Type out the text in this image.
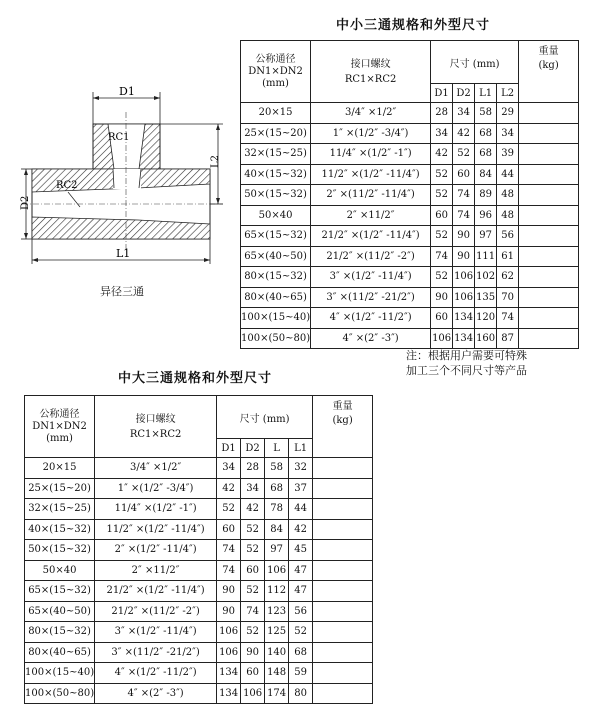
D1
RC1
RC2
D2
L2
L1
异径三通
中小三通规格和外型尺寸
公称通径
DN1×DN2
(mm)	接口螺纹
RC1×RC2	尺寸 (mm)				重量
(kg)
		D1	D2	L1	L2	
20×15	3/4″ ×1/2″	28	34	58	29	
25×(15~20)	1″ ×(1/2″ -3/4″)	34	42	68	34	
32×(15~25)	11/4″ ×(1/2″ -1″)	42	52	68	39	
40×(15~32)	11/2″ ×(1/2″ -11/4″)	52	60	84	44	
50×(15~32)	2″ ×(11/2″ -11/4″)	52	74	89	48	
50×40	2″ ×11/2″	60	74	96	48	
65×(15~32)	21/2″ ×(1/2″ -11/4″)	52	90	97	56	
65×(40~50)	21/2″ ×(11/2″ -2″)	74	90	111	61	
80×(15~32)	3″ ×(1/2″ -11/4″)	52	106	102	62	
80×(40~65)	3″ ×(11/2″ -21/2″)	90	106	135	70	
100×(15~40)	4″ ×(1/2″ -11/2″)	60	134	120	74	
100×(50~80)	4″ ×(2″ -3″)	106	134	160	87	
注：根据用户需要可特殊
加工三个不同尺寸等产品
中大三通规格和外型尺寸
公称通径
DN1×DN2
(mm)	接口螺纹
RC1×RC2	尺寸 (mm)				重量
(kg)
		D1	D2	L	L1	
20×15	3/4″ ×1/2″	34	28	58	32	
25×(15~20)	1″ ×(1/2″ -3/4″)	42	34	68	37	
32×(15~25)	11/4″ ×(1/2″ -1″)	52	42	78	44	
40×(15~32)	11/2″ ×(1/2″ -11/4″)	60	52	84	42	
50×(15~32)	2″ ×(1/2″ -11/4″)	74	52	97	45	
50×40	2″ ×11/2″	74	60	106	47	
65×(15~32)	21/2″ ×(1/2″ -11/4″)	90	52	112	47	
65×(40~50)	21/2″ ×(11/2″ -2″)	90	74	123	56	
80×(15~32)	3″ ×(1/2″ -11/4″)	106	52	125	52	
80×(40~65)	3″ ×(11/2″ -21/2″)	106	90	140	68	
100×(15~40)	4″ ×(1/2″ -11/2″)	134	60	148	59	
100×(50~80)	4″ ×(2″ -3″)	134	106	174	80	
